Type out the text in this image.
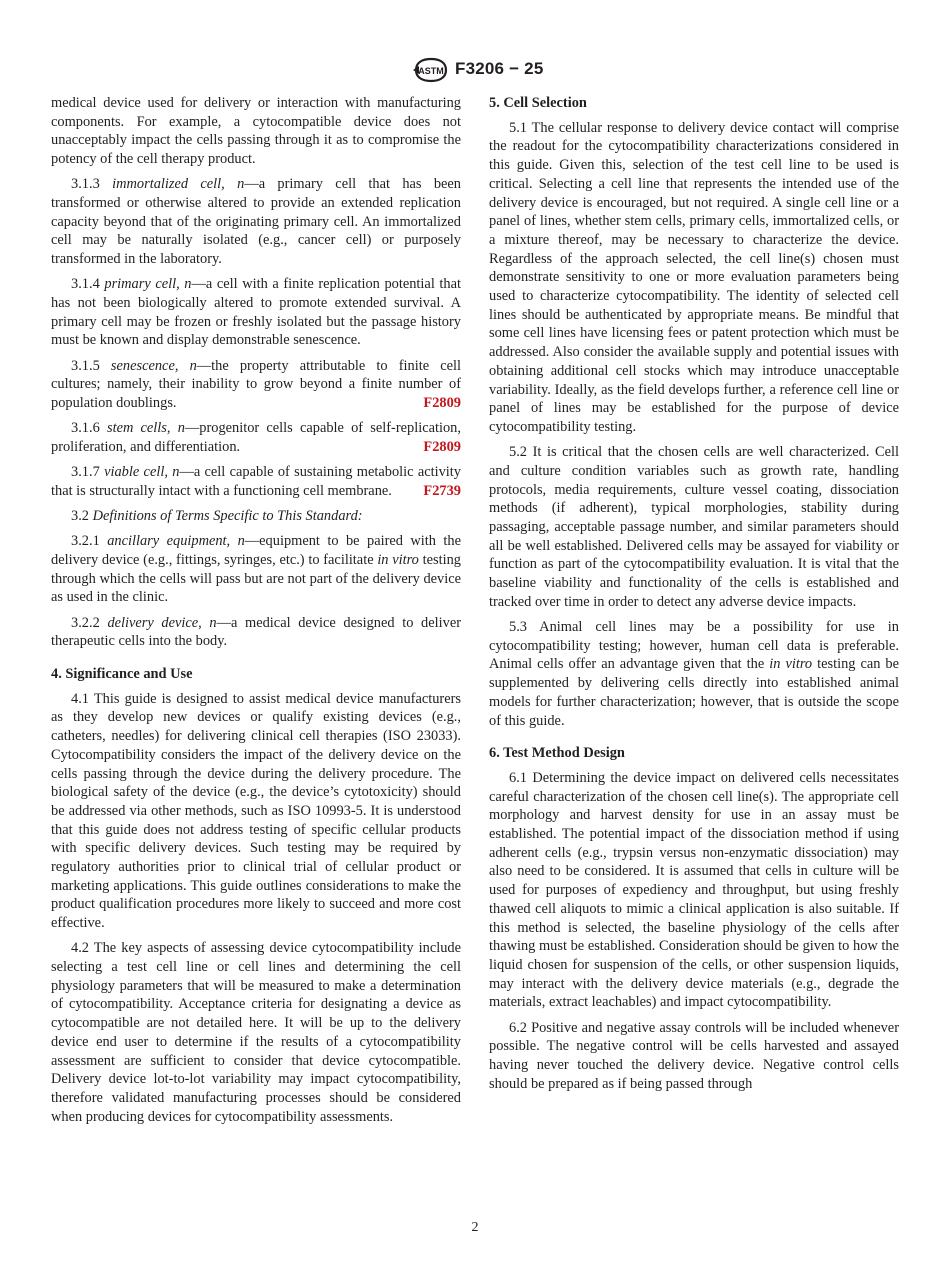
ASTM F3206 − 25

medical device used for delivery or interaction with manufacturing components. For example, a cytocompatible device does not unacceptably impact the cells passing through it as to compromise the potency of the cell therapy product.

3.1.3 immortalized cell, n—a primary cell that has been transformed or otherwise altered to provide an extended replication capacity beyond that of the originating primary cell. An immortalized cell may be naturally isolated (e.g., cancer cell) or purposely transformed in the laboratory.

3.1.4 primary cell, n—a cell with a finite replication potential that has not been biologically altered to promote extended survival. A primary cell may be frozen or freshly isolated but the passage history must be known and display demonstrable senescence.

3.1.5 senescence, n—the property attributable to finite cell cultures; namely, their inability to grow beyond a finite number of population doublings.	F2809

3.1.6 stem cells, n—progenitor cells capable of self-replication, proliferation, and differentiation.	F2809

3.1.7 viable cell, n—a cell capable of sustaining metabolic activity that is structurally intact with a functioning cell membrane.	F2739

3.2 Definitions of Terms Specific to This Standard:

3.2.1 ancillary equipment, n—equipment to be paired with the delivery device (e.g., fittings, syringes, etc.) to facilitate in vitro testing through which the cells will pass but are not part of the delivery device as used in the clinic.

3.2.2 delivery device, n—a medical device designed to deliver therapeutic cells into the body.

4. Significance and Use

4.1 This guide is designed to assist medical device manufacturers as they develop new devices or qualify existing devices (e.g., catheters, needles) for delivering clinical cell therapies (ISO 23033). Cytocompatibility considers the impact of the delivery device on the cells passing through the device during the delivery procedure. The biological safety of the device (e.g., the device’s cytotoxicity) should be addressed via other methods, such as ISO 10993-5. It is understood that this guide does not address testing of specific cellular products with specific delivery devices. Such testing may be required by regulatory authorities prior to clinical trial of cellular product or marketing applications. This guide outlines considerations to make the product qualification procedures more likely to succeed and more cost effective.

4.2 The key aspects of assessing device cytocompatibility include selecting a test cell line or cell lines and determining the cell physiology parameters that will be measured to make a determination of cytocompatibility. Acceptance criteria for designating a device as cytocompatible are not detailed here. It will be up to the delivery device end user to determine if the results of a cytocompatibility assessment are sufficient to consider that device cytocompatible. Delivery device lot-to-lot variability may impact cytocompatibility, therefore validated manufacturing processes should be considered when producing devices for cytocompatibility assessments.

5. Cell Selection

5.1 The cellular response to delivery device contact will comprise the readout for the cytocompatibility characterizations considered in this guide. Given this, selection of the test cell line to be used is critical. Selecting a cell line that represents the intended use of the delivery device is encouraged, but not required. A single cell line or a panel of lines, whether stem cells, primary cells, immortalized cells, or a mixture thereof, may be necessary to characterize the device. Regardless of the approach selected, the cell line(s) chosen must demonstrate sensitivity to one or more evaluation parameters being used to characterize cytocompatibility. The identity of selected cell lines should be authenticated by appropriate means. Be mindful that some cell lines have licensing fees or patent protection which must be addressed. Also consider the available supply and potential issues with obtaining additional cell stocks which may introduce unacceptable variability. Ideally, as the field develops further, a reference cell line or panel of lines may be established for the purpose of device cytocompatibility testing.

5.2 It is critical that the chosen cells are well characterized. Cell and culture condition variables such as growth rate, handling protocols, media requirements, culture vessel coating, dissociation methods (if adherent), typical morphologies, stability during passaging, acceptable passage number, and similar parameters should all be well established. Delivered cells may be assayed for viability or function as part of the cytocompatibility evaluation. It is vital that the baseline viability and functionality of the cells is established and tracked over time in order to detect any adverse device impacts.

5.3 Animal cell lines may be a possibility for use in cytocompatibility testing; however, human cell data is preferable. Animal cells offer an advantage given that the in vitro testing can be supplemented by delivering cells directly into established animal models for further characterization; however, that is outside the scope of this guide.

6. Test Method Design

6.1 Determining the device impact on delivered cells necessitates careful characterization of the chosen cell line(s). The appropriate cell morphology and harvest density for use in an assay must be established. The potential impact of the dissociation method if using adherent cells (e.g., trypsin versus non-enzymatic dissociation) may also need to be considered. It is assumed that cells in culture will be used for purposes of expediency and throughput, but using freshly thawed cell aliquots to mimic a clinical application is also suitable. If this method is selected, the baseline physiology of the cells after thawing must be established. Consideration should be given to how the liquid chosen for suspension of the cells, or other suspension liquids, may interact with the delivery device materials (e.g., degrade the materials, extract leachables) and impact cytocompatibility.

6.2 Positive and negative assay controls will be included whenever possible. The negative control will be cells harvested and assayed having never touched the delivery device. Negative control cells should be prepared as if being passed through

2
